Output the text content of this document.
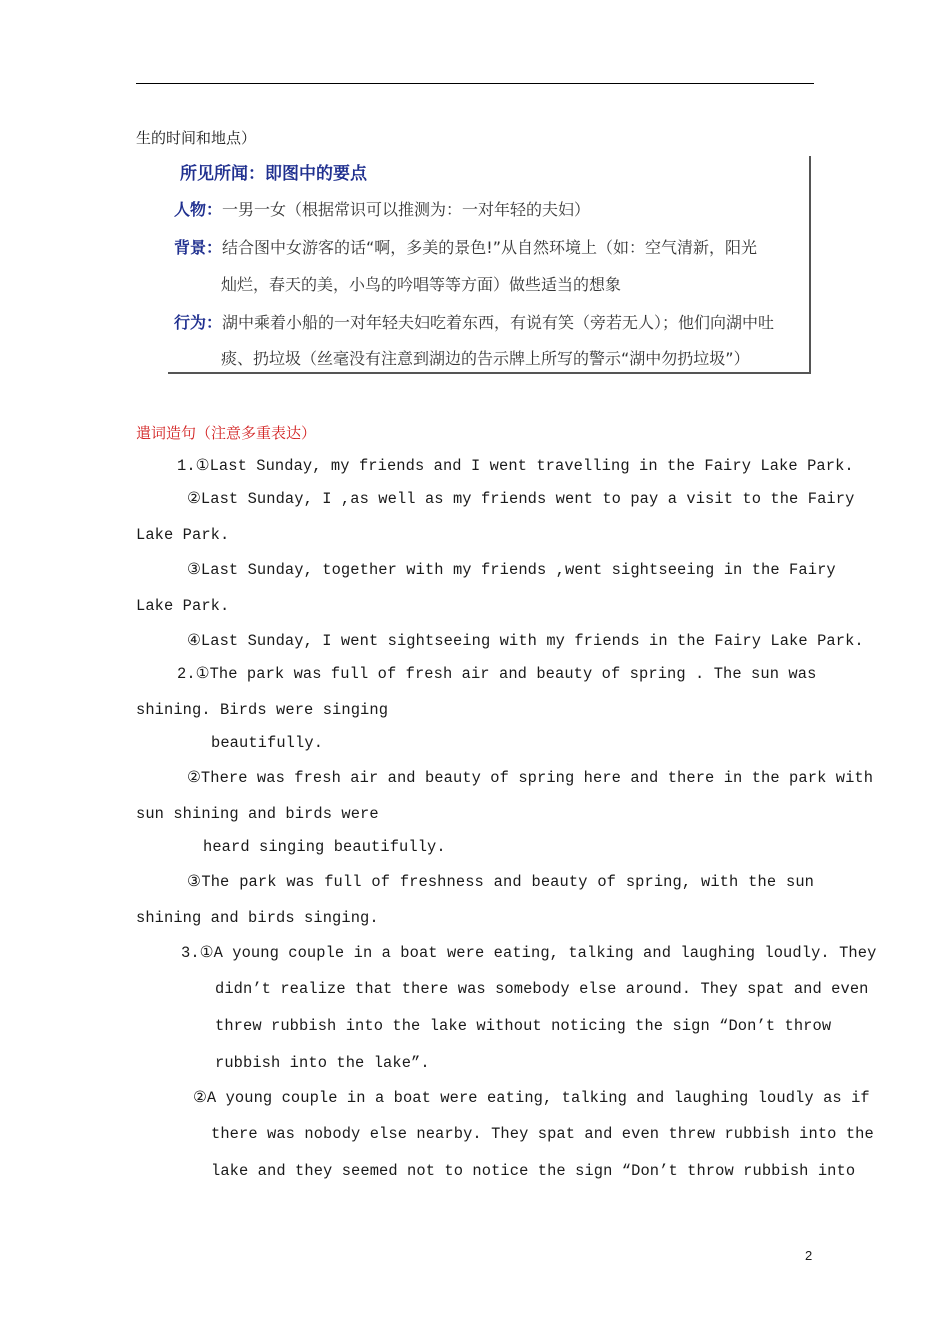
生的时间和地点）
所见所闻：即图中的要点
人物：一男一女（根据常识可以推测为：一对年轻的夫妇）
背景：结合图中女游客的话“啊，多美的景色!”从自然环境上（如：空气清新，阳光
灿烂，春天的美，小鸟的吟唱等等方面）做些适当的想象
行为：湖中乘着小船的一对年轻夫妇吃着东西，有说有笑（旁若无人）；他们向湖中吐
痰、扔垃圾（丝毫没有注意到湖边的告示牌上所写的警示“湖中勿扔垃圾”）
遣词造句（注意多重表达）
1.①Last Sunday, my friends and I went travelling in the Fairy Lake Park.
②Last Sunday, I ,as well as my friends went to pay a visit to the Fairy
Lake Park.
③Last Sunday, together with my friends ,went sightseeing in the Fairy
Lake Park.
④Last Sunday, I went sightseeing with my friends in the Fairy Lake Park.
2.①The park was full of fresh air and beauty of spring . The sun was
shining. Birds were singing
beautifully.
②There was fresh air and beauty of spring here and there in the park with
sun shining and birds were
heard singing beautifully.
③The park was full of freshness and beauty of spring, with the sun
shining and birds singing.
3.①A young couple in a boat were eating, talking and laughing loudly. They
didn’t realize that there was somebody else around. They spat and even
threw rubbish into the lake without noticing the sign “Don’t throw
rubbish into the lake”.
②A young couple in a boat were eating, talking and laughing loudly as if
there was nobody else nearby. They spat and even threw rubbish into the
lake and they seemed not to notice the sign “Don’t throw rubbish into
2
